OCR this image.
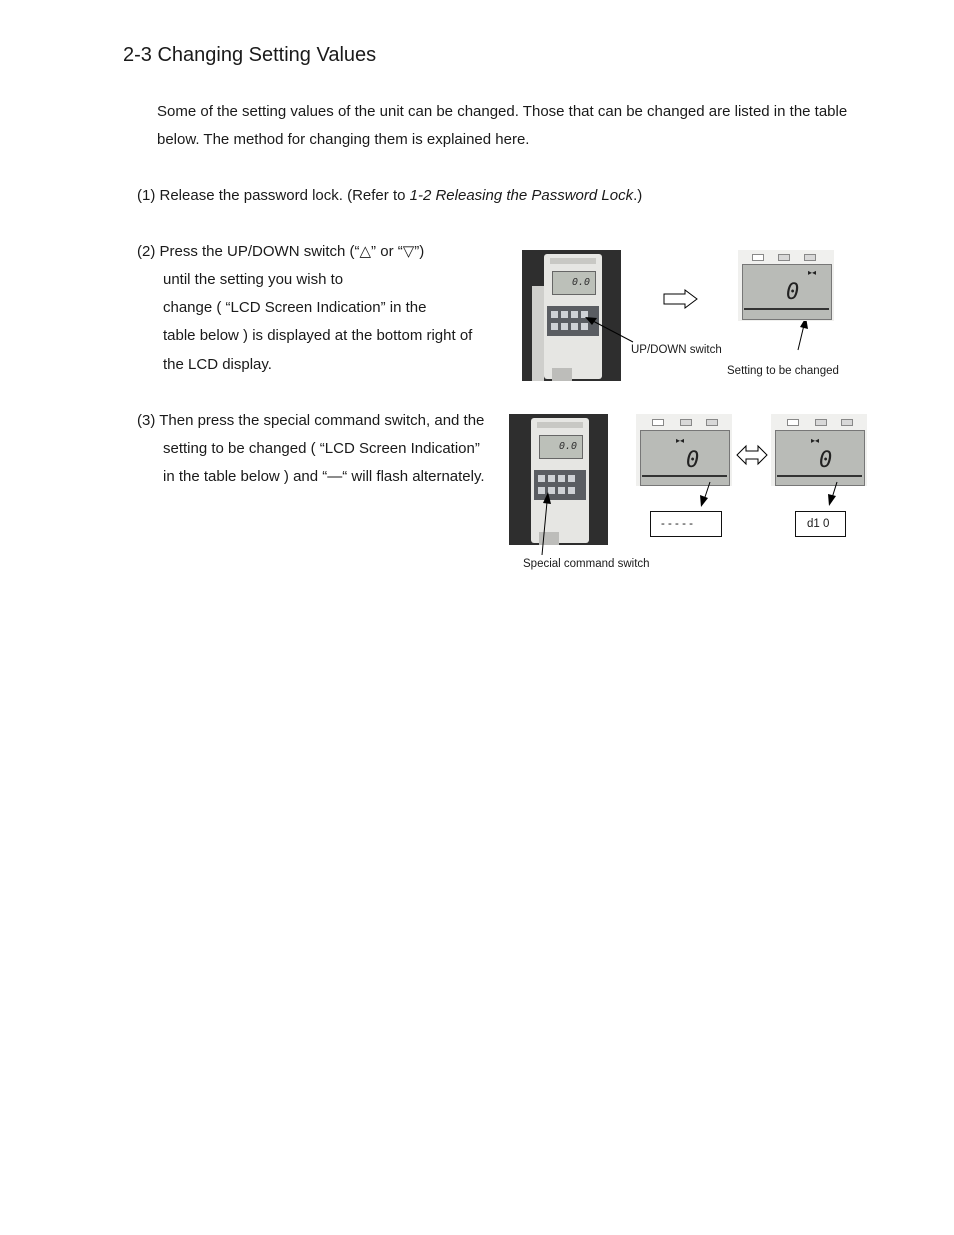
2-3 Changing Setting Values
Some of the setting values of the unit can be changed. Those that can be changed are listed in the table
below. The method for changing them is explained here.
(1) Release the password lock. (Refer to 1-2 Releasing the Password Lock.)
(2) Press the UP/DOWN switch (“△” or “▽”)
until the setting you wish to
change ( “LCD Screen Indication” in the
table below ) is displayed at the bottom right of
the LCD display.
(3) Then press the special command switch, and the
setting to be changed ( “LCD Screen Indication”
in the table below ) and “—“ will flash alternately.
0.0
UP/DOWN switch
▸◂
0
Setting to be changed
0.0
▸◂
0
▸◂
0
- - - - -	d1 0
Special command switch
